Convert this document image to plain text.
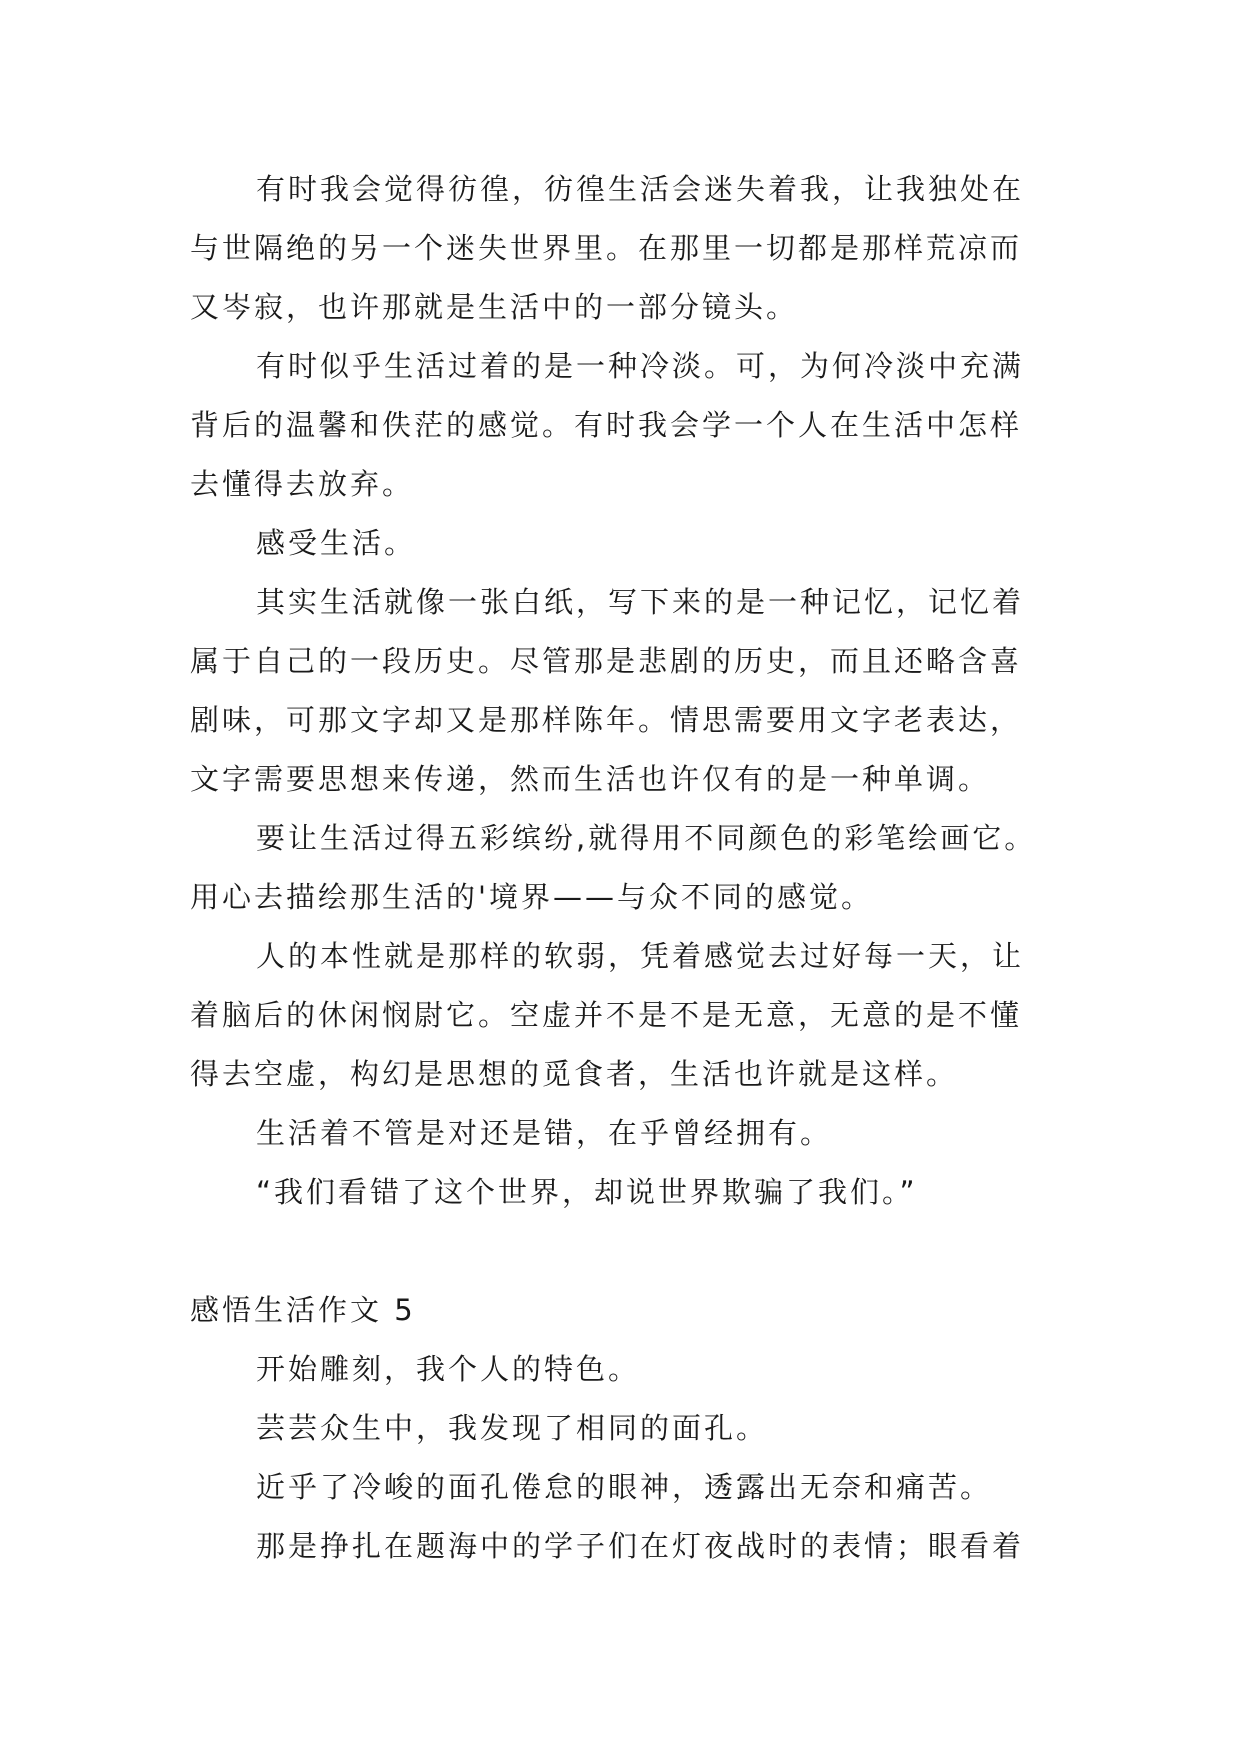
有时我会觉得彷徨，彷徨生活会迷失着我，让我独处在
与世隔绝的另一个迷失世界里。在那里一切都是那样荒凉而
又岑寂，也许那就是生活中的一部分镜头。
有时似乎生活过着的是一种冷淡。可，为何冷淡中充满
背后的温馨和佚茫的感觉。有时我会学一个人在生活中怎样
去懂得去放弃。
感受生活。
其实生活就像一张白纸，写下来的是一种记忆，记忆着
属于自己的一段历史。尽管那是悲剧的历史，而且还略含喜
剧味，可那文字却又是那样陈年。情思需要用文字老表达，
文字需要思想来传递，然而生活也许仅有的是一种单调。
要让生活过得五彩缤纷,就得用不同颜色的彩笔绘画它。
用心去描绘那生活的'境界——与众不同的感觉。
人的本性就是那样的软弱，凭着感觉去过好每一天，让
着脑后的休闲悯尉它。空虚并不是不是无意，无意的是不懂
得去空虚，构幻是思想的觅食者，生活也许就是这样。
生活着不管是对还是错，在乎曾经拥有。
“我们看错了这个世界，却说世界欺骗了我们。”
感悟生活作文 5
开始雕刻，我个人的特色。
芸芸众生中，我发现了相同的面孔。
近乎了冷峻的面孔倦怠的眼神，透露出无奈和痛苦。
那是挣扎在题海中的学子们在灯夜战时的表情；眼看着
